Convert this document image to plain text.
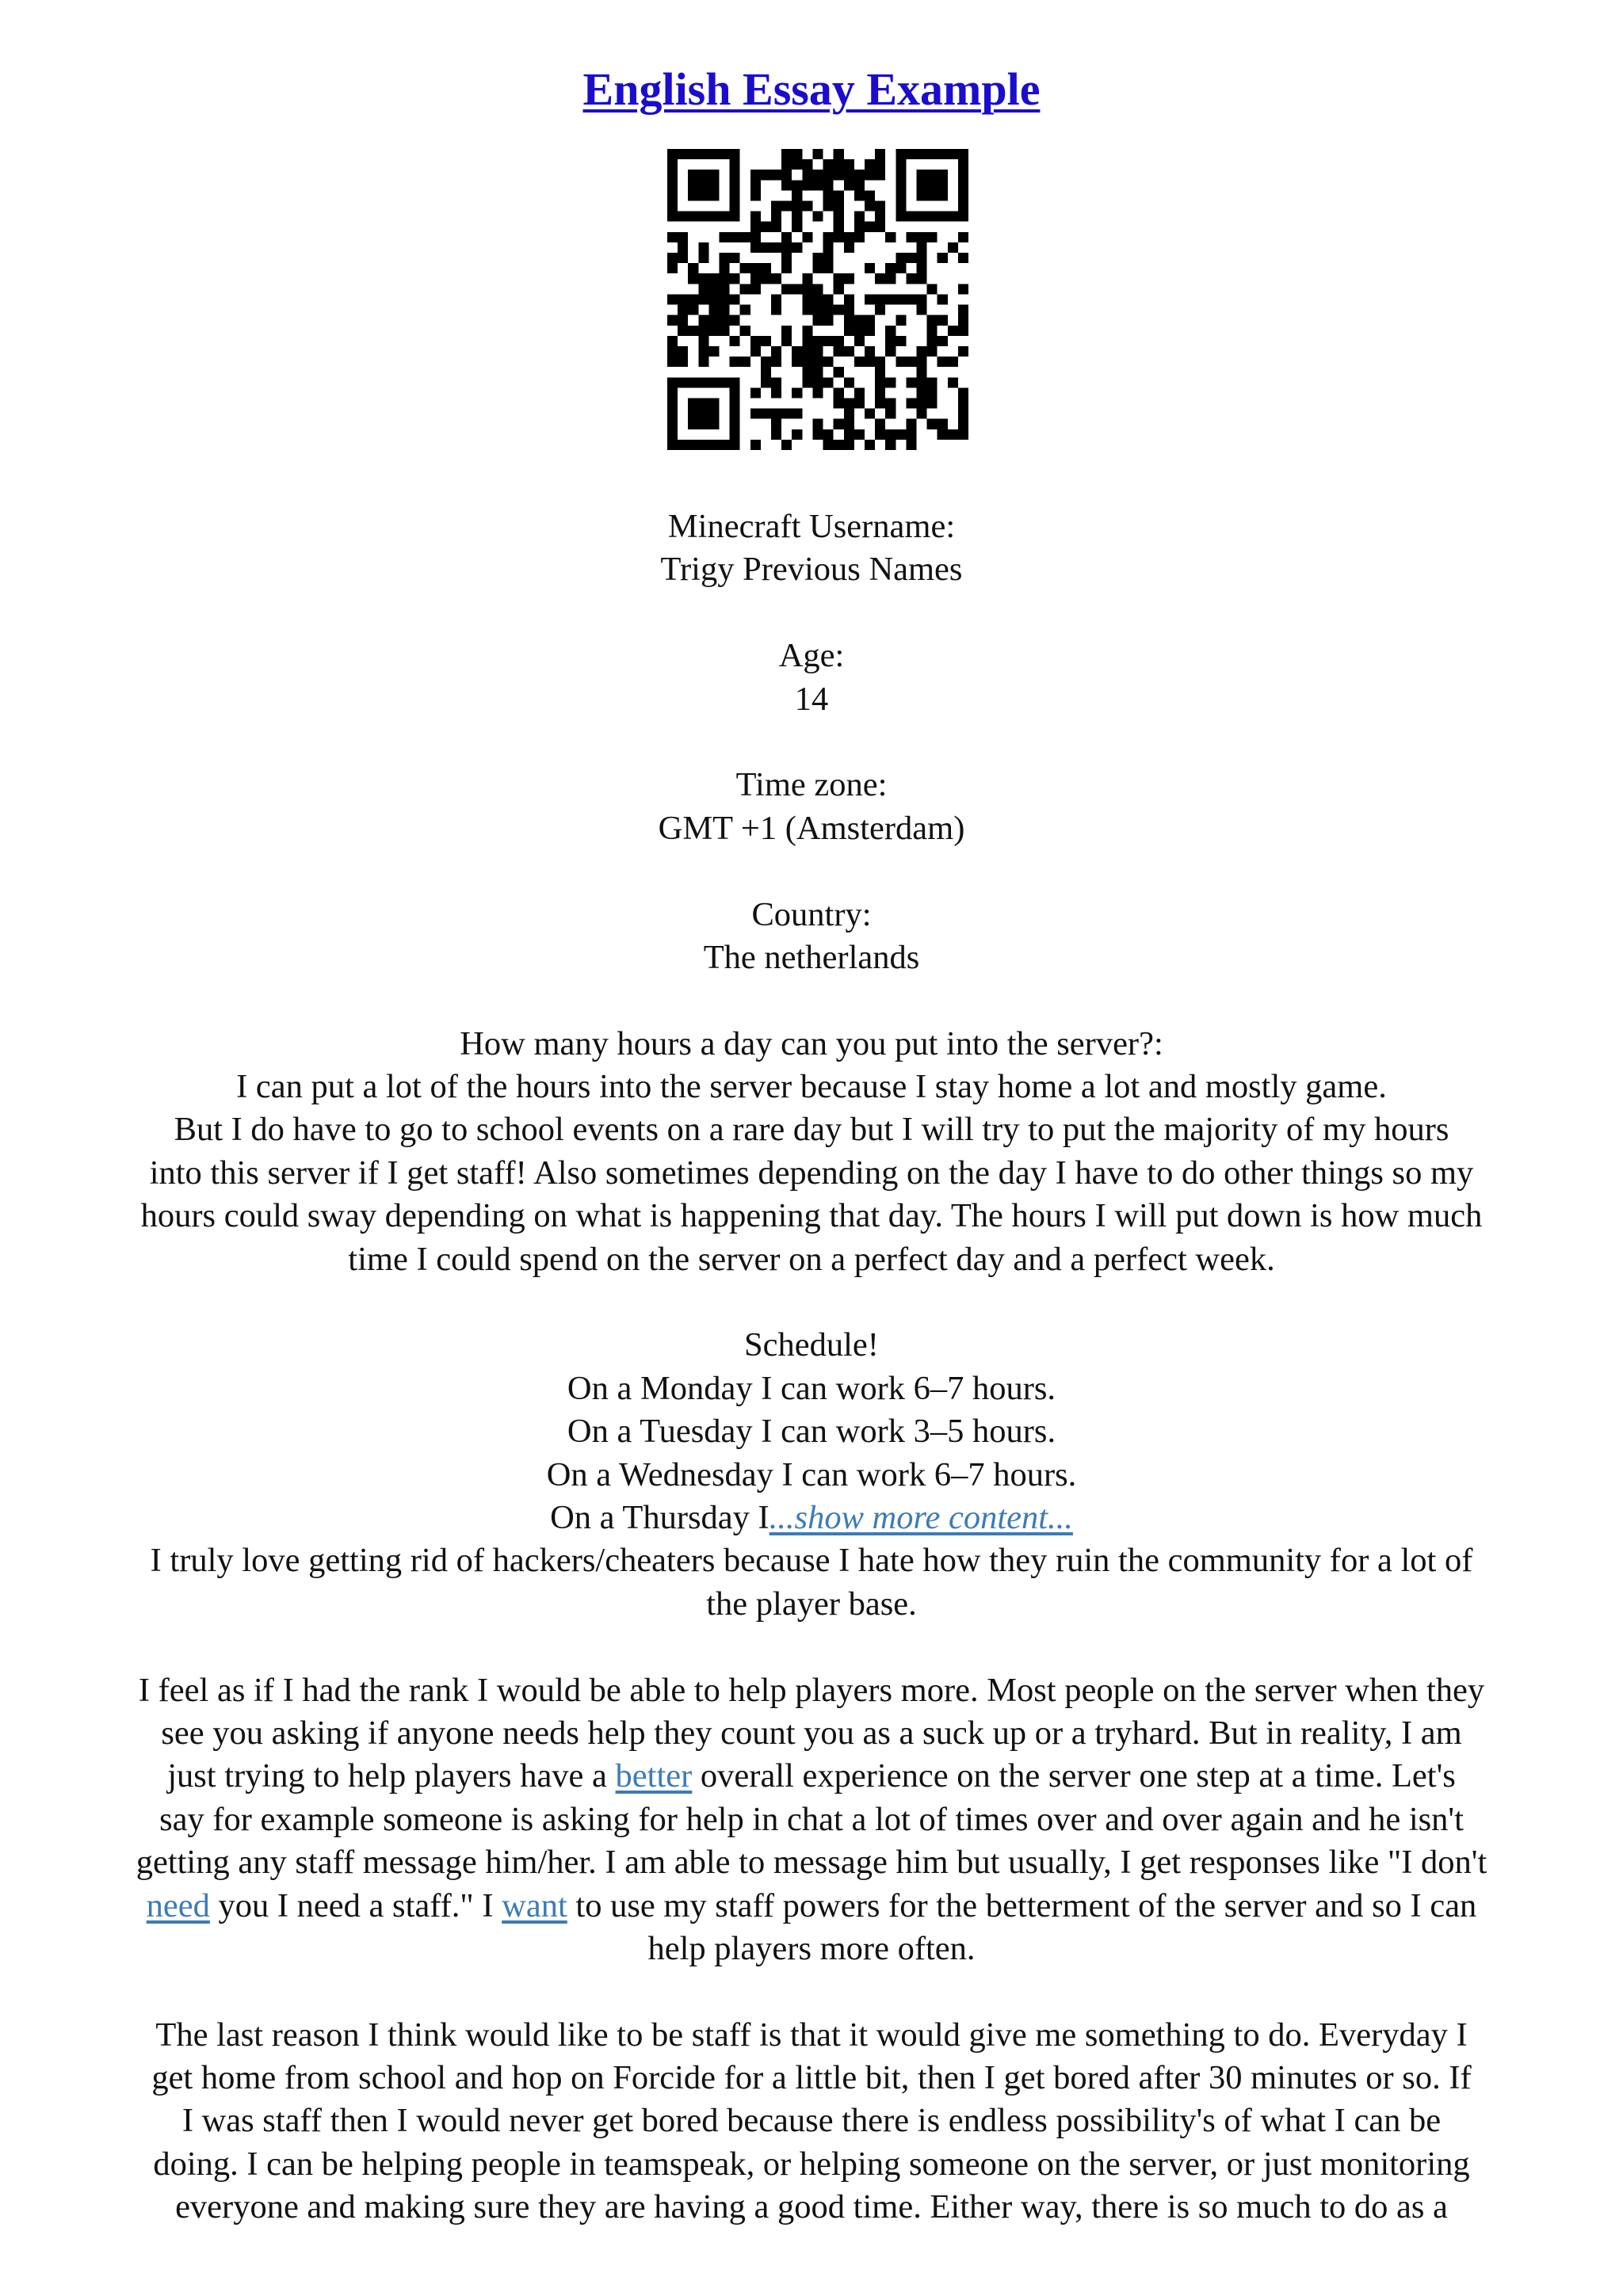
English Essay Example
Minecraft Username:
Trigy Previous Names
Age:
14
Time zone:
GMT +1 (Amsterdam)
Country:
The netherlands
How many hours a day can you put into the server?:
I can put a lot of the hours into the server because I stay home a lot and mostly game.
But I do have to go to school events on a rare day but I will try to put the majority of my hours
into this server if I get staff! Also sometimes depending on the day I have to do other things so my
hours could sway depending on what is happening that day. The hours I will put down is how much
time I could spend on the server on a perfect day and a perfect week.
Schedule!
On a Monday I can work 6–7 hours.
On a Tuesday I can work 3–5 hours.
On a Wednesday I can work 6–7 hours.
On a Thursday I...show more content...
I truly love getting rid of hackers/cheaters because I hate how they ruin the community for a lot of
the player base.
I feel as if I had the rank I would be able to help players more. Most people on the server when they
see you asking if anyone needs help they count you as a suck up or a tryhard. But in reality, I am
just trying to help players have a better overall experience on the server one step at a time. Let's
say for example someone is asking for help in chat a lot of times over and over again and he isn't
getting any staff message him/her. I am able to message him but usually, I get responses like "I don't
need you I need a staff." I want to use my staff powers for the betterment of the server and so I can
help players more often.
The last reason I think would like to be staff is that it would give me something to do. Everyday I
get home from school and hop on Forcide for a little bit, then I get bored after 30 minutes or so. If
I was staff then I would never get bored because there is endless possibility's of what I can be
doing. I can be helping people in teamspeak, or helping someone on the server, or just monitoring
everyone and making sure they are having a good time. Either way, there is so much to do as a
